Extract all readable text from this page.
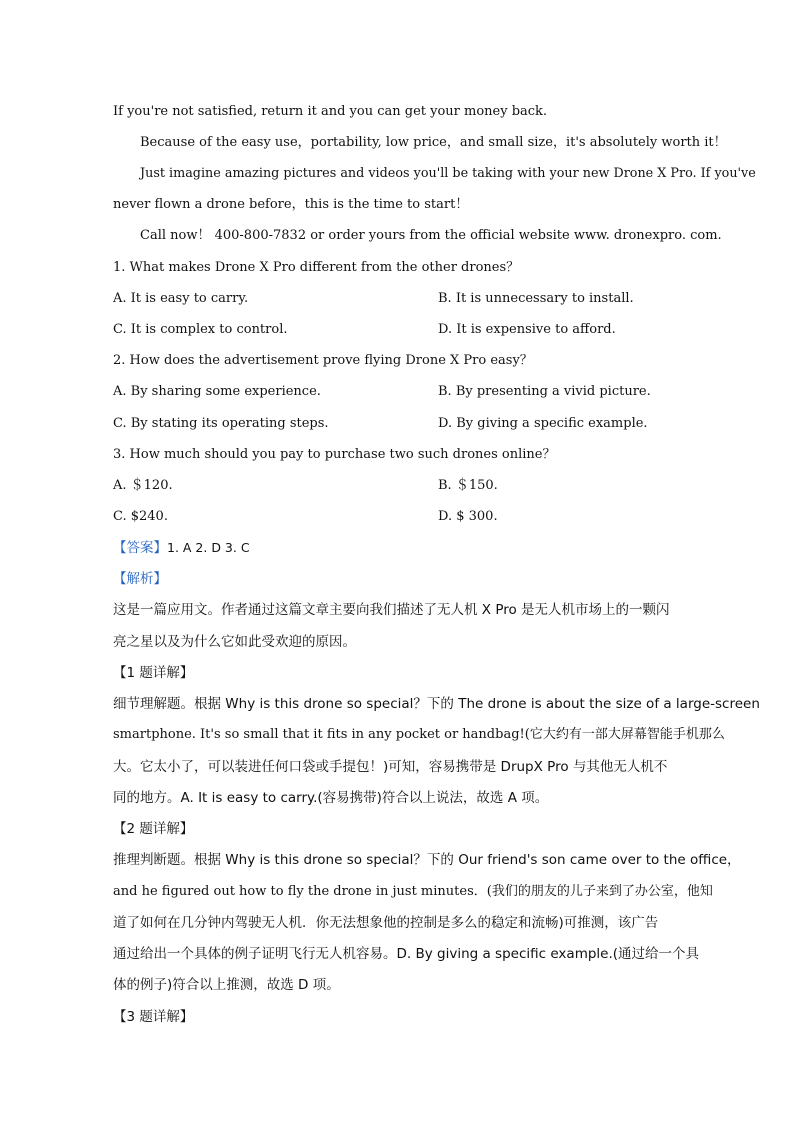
If you're not satisfied, return it and you can get your money back.
Because of the easy use，portability, low price，and small size，it's absolutely worth it！
Just imagine amazing pictures and videos you'll be taking with your new Drone X Pro. If you've
never flown a drone before，this is the time to start！
Call now！ 400-800-7832 or order yours from the official website www. dronexpro. com.
1. What makes Drone X Pro different from the other drones？
A. It is easy to carry.	B. It is unnecessary to install.
C. It is complex to control.	D. It is expensive to afford.
2. How does the advertisement prove flying Drone X Pro easy？
A. By sharing some experience.	B. By presenting a vivid picture.
C. By stating its operating steps.	D. By giving a specific example.
3. How much should you pay to purchase two such drones online？
A. ＄120.	B. ＄150.
C. $240.	D. $ 300.
【答案】1. A 2. D 3. C
【解析】
这是一篇应用文。作者通过这篇文章主要向我们描述了无人机 X Pro 是无人机市场上的一颗闪
亮之星以及为什么它如此受欢迎的原因。
【1 题详解】
细节理解题。根据 Why is this drone so special？下的 The drone is about the size of a large-screen
smartphone. It's so small that it fits in any pocket or handbag!(它大约有一部大屏幕智能手机那么
大。它太小了，可以装进任何口袋或手提包！)可知，容易携带是 DrupX Pro 与其他无人机不
同的地方。A. It is easy to carry.(容易携带)符合以上说法，故选 A 项。
【2 题详解】
推理判断题。根据 Why is this drone so special？下的 Our friend's son came over to the office，
and he figured out how to fly the drone in just minutes．(我们的朋友的儿子来到了办公室，他知
道了如何在几分钟内驾驶无人机．你无法想象他的控制是多么的稳定和流畅)可推测，该广告
通过给出一个具体的例子证明飞行无人机容易。D. By giving a specific example.(通过给一个具
体的例子)符合以上推测，故选 D 项。
【3 题详解】
